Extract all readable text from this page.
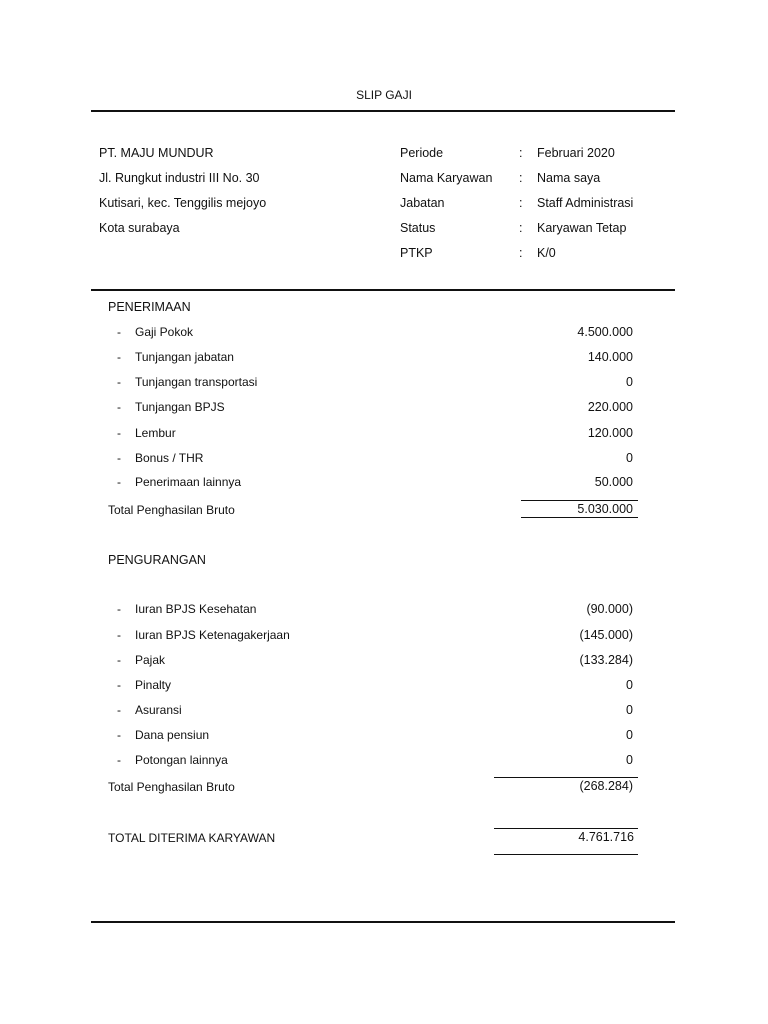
SLIP GAJI
PT. MAJU MUNDUR
Jl. Rungkut industri III No. 30
Kutisari, kec. Tenggilis mejoyo
Kota surabaya
Periode	: Februari 2020
Nama Karyawan : Nama saya
Jabatan	: Staff Administrasi
Status	: Karyawan Tetap
PTKP	: K/0
PENERIMAAN
- Gaji Pokok	4.500.000
- Tunjangan jabatan	140.000
- Tunjangan transportasi	0
- Tunjangan BPJS	220.000
- Lembur	120.000
- Bonus / THR	0
- Penerimaan lainnya	50.000
Total Penghasilan Bruto	5.030.000
PENGURANGAN
- Iuran BPJS Kesehatan	(90.000)
- Iuran BPJS Ketenagakerjaan	(145.000)
- Pajak	(133.284)
- Pinalty	0
- Asuransi	0
- Dana pensiun	0
- Potongan lainnya	0
Total Penghasilan Bruto	(268.284)
TOTAL DITERIMA KARYAWAN	4.761.716
